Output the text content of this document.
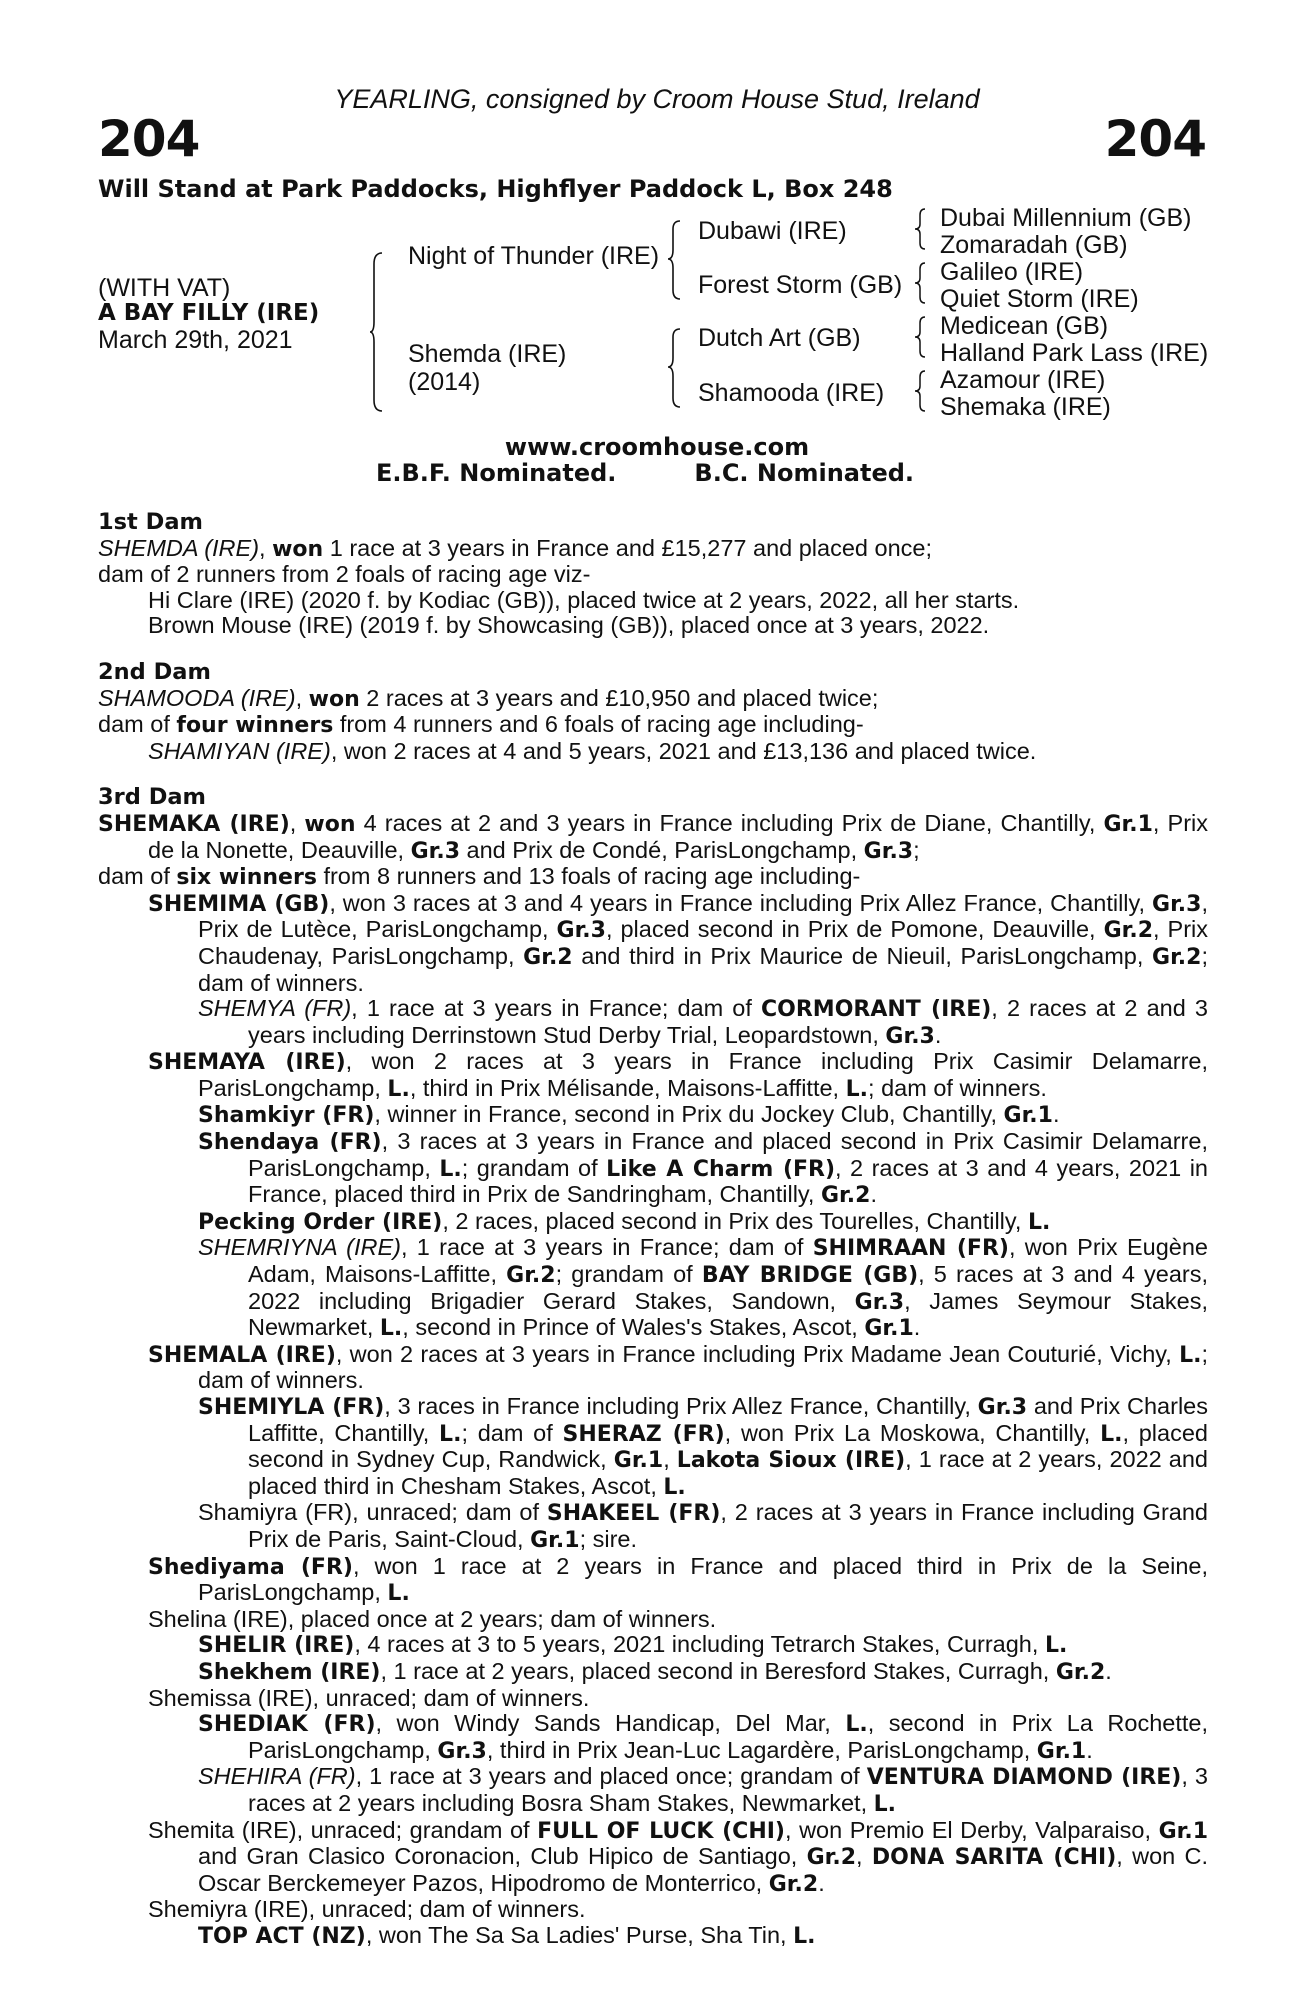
YEARLING, consigned by Croom House Stud, Ireland
204	204
Will Stand at Park Paddocks, Highflyer Paddock L, Box 248
(WITH VAT)
A BAY FILLY (IRE)
March 29th, 2021
Night of Thunder (IRE)
Shemda (IRE)
(2014)
Dubawi (IRE)
Forest Storm (GB)
Dutch Art (GB)
Shamooda (IRE)
Dubai Millennium (GB)
Zomaradah (GB)
Galileo (IRE)
Quiet Storm (IRE)
Medicean (GB)
Halland Park Lass (IRE)
Azamour (IRE)
Shemaka (IRE)
www.croomhouse.com
E.B.F. Nominated.	B.C. Nominated.
1st Dam
SHEMDA (IRE), won 1 race at 3 years in France and £15,277 and placed once;
dam of 2 runners from 2 foals of racing age viz-
Hi Clare (IRE) (2020 f. by Kodiac (GB)), placed twice at 2 years, 2022, all her starts.
Brown Mouse (IRE) (2019 f. by Showcasing (GB)), placed once at 3 years, 2022.
2nd Dam
SHAMOODA (IRE), won 2 races at 3 years and £10,950 and placed twice;
dam of four winners from 4 runners and 6 foals of racing age including-
SHAMIYAN (IRE), won 2 races at 4 and 5 years, 2021 and £13,136 and placed twice.
3rd Dam
SHEMAKA (IRE), won 4 races at 2 and 3 years in France including Prix de Diane, Chantilly, Gr.1, Prix de la Nonette, Deauville, Gr.3 and Prix de Condé, ParisLongchamp, Gr.3;
dam of six winners from 8 runners and 13 foals of racing age including-
SHEMIMA (GB), won 3 races at 3 and 4 years in France including Prix Allez France, Chantilly, Gr.3, Prix de Lutèce, ParisLongchamp, Gr.3, placed second in Prix de Pomone, Deauville, Gr.2, Prix Chaudenay, ParisLongchamp, Gr.2 and third in Prix Maurice de Nieuil, ParisLongchamp, Gr.2; dam of winners.
SHEMYA (FR), 1 race at 3 years in France; dam of CORMORANT (IRE), 2 races at 2 and 3 years including Derrinstown Stud Derby Trial, Leopardstown, Gr.3.
SHEMAYA (IRE), won 2 races at 3 years in France including Prix Casimir Delamarre, ParisLongchamp, L., third in Prix Mélisande, Maisons-Laffitte, L.; dam of winners.
Shamkiyr (FR), winner in France, second in Prix du Jockey Club, Chantilly, Gr.1.
Shendaya (FR), 3 races at 3 years in France and placed second in Prix Casimir Delamarre, ParisLongchamp, L.; grandam of Like A Charm (FR), 2 races at 3 and 4 years, 2021 in France, placed third in Prix de Sandringham, Chantilly, Gr.2.
Pecking Order (IRE), 2 races, placed second in Prix des Tourelles, Chantilly, L.
SHEMRIYNA (IRE), 1 race at 3 years in France; dam of SHIMRAAN (FR), won Prix Eugène Adam, Maisons-Laffitte, Gr.2; grandam of BAY BRIDGE (GB), 5 races at 3 and 4 years, 2022 including Brigadier Gerard Stakes, Sandown, Gr.3, James Seymour Stakes, Newmarket, L., second in Prince of Wales's Stakes, Ascot, Gr.1.
SHEMALA (IRE), won 2 races at 3 years in France including Prix Madame Jean Couturié, Vichy, L.; dam of winners.
SHEMIYLA (FR), 3 races in France including Prix Allez France, Chantilly, Gr.3 and Prix Charles Laffitte, Chantilly, L.; dam of SHERAZ (FR), won Prix La Moskowa, Chantilly, L., placed second in Sydney Cup, Randwick, Gr.1, Lakota Sioux (IRE), 1 race at 2 years, 2022 and placed third in Chesham Stakes, Ascot, L.
Shamiyra (FR), unraced; dam of SHAKEEL (FR), 2 races at 3 years in France including Grand Prix de Paris, Saint-Cloud, Gr.1; sire.
Shediyama (FR), won 1 race at 2 years in France and placed third in Prix de la Seine, ParisLongchamp, L.
Shelina (IRE), placed once at 2 years; dam of winners.
SHELIR (IRE), 4 races at 3 to 5 years, 2021 including Tetrarch Stakes, Curragh, L.
Shekhem (IRE), 1 race at 2 years, placed second in Beresford Stakes, Curragh, Gr.2.
Shemissa (IRE), unraced; dam of winners.
SHEDIAK (FR), won Windy Sands Handicap, Del Mar, L., second in Prix La Rochette, ParisLongchamp, Gr.3, third in Prix Jean-Luc Lagardère, ParisLongchamp, Gr.1.
SHEHIRA (FR), 1 race at 3 years and placed once; grandam of VENTURA DIAMOND (IRE), 3 races at 2 years including Bosra Sham Stakes, Newmarket, L.
Shemita (IRE), unraced; grandam of FULL OF LUCK (CHI), won Premio El Derby, Valparaiso, Gr.1 and Gran Clasico Coronacion, Club Hipico de Santiago, Gr.2, DONA SARITA (CHI), won C. Oscar Berckemeyer Pazos, Hipodromo de Monterrico, Gr.2.
Shemiyra (IRE), unraced; dam of winners.
TOP ACT (NZ), won The Sa Sa Ladies' Purse, Sha Tin, L.
